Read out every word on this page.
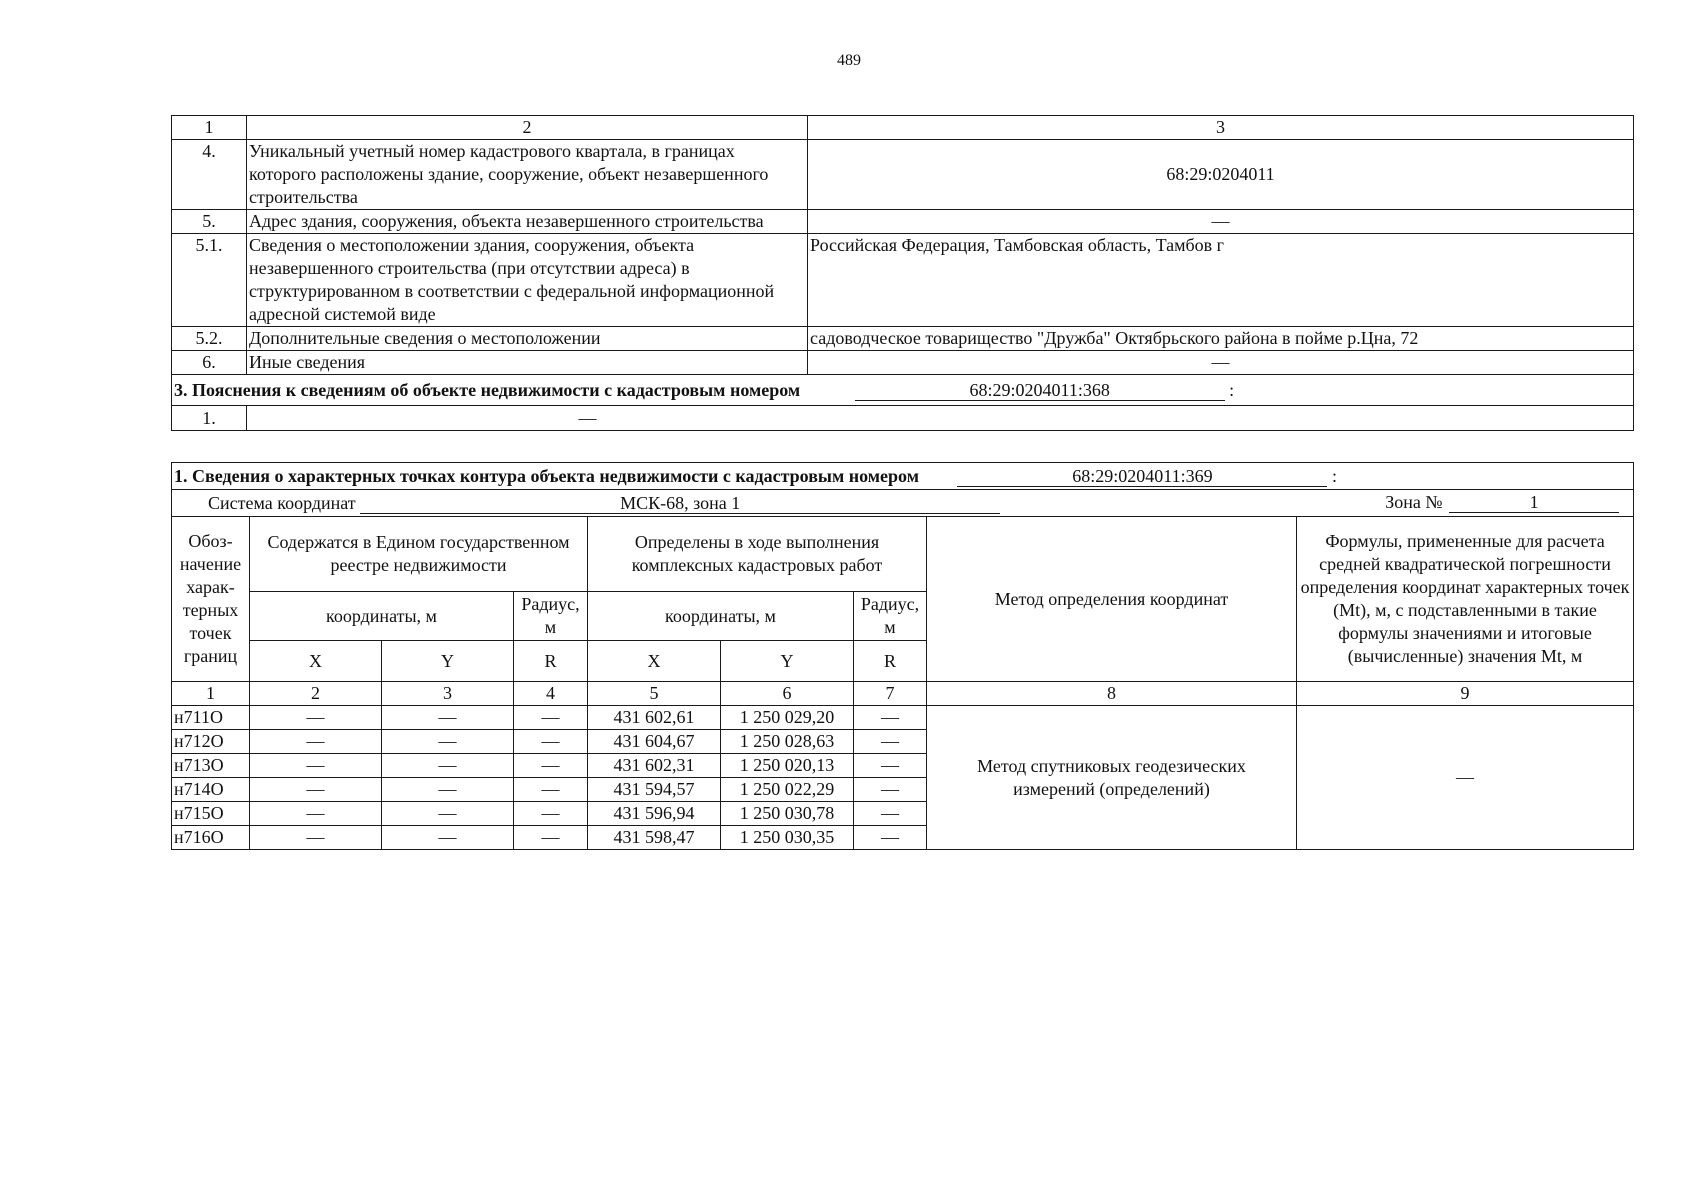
489
1	2	3
4.	Уникальный учетный номер кадастрового квартала, в границах которого расположены здание, сооружение, объект незавершенного строительства	68:29:0204011
5.	Адрес здания, сооружения, объекта незавершенного строительства	—
5.1.	Сведения о местоположении здания, сооружения, объекта незавершенного строительства (при отсутствии адреса) в структурированном в соответствии с федеральной информационной адресной системой виде	Российская Федерация, Тамбовская область, Тамбов г
5.2.	Дополнительные сведения о местоположении	садоводческое товарищество "Дружба" Октябрьского района в пойме р.Цна, 72
6.	Иные сведения	—
3. Пояснения к сведениям об объекте недвижимости с кадастровым номером 68:29:0204011:368 :		
1.	—	
1. Сведения о характерных точках контура объекта недвижимости с кадастровым номером 68:29:0204011:369 :								
Система координат МСК-68, зона 1 Зона № 1								

Обоз-начение харак-терных точек границ	Содержатся в Едином государственном реестре недвижимости			Определены в ходе выполнения комплексных кадастровых работ			Метод определения координат	Формулы, примененные для расчета средней квадратической погрешности определения координат характерных точек (Mt), м, с подставленными в такие формулы значениями и итоговые (вычисленные) значения Mt, м
	координаты, м		Радиус, м	координаты, м		Радиус, м		
	X	Y	R	X	Y	R		
1	2	3	4	5	6	7	8	9
н711О	—	—	—	431 602,61	1 250 029,20	—	Метод спутниковых геодезических измерений (определений)	—
н712О	—	—	—	431 604,67	1 250 028,63	—		
н713О	—	—	—	431 602,31	1 250 020,13	—		
н714О	—	—	—	431 594,57	1 250 022,29	—		
н715О	—	—	—	431 596,94	1 250 030,78	—		
н716О	—	—	—	431 598,47	1 250 030,35	—		
